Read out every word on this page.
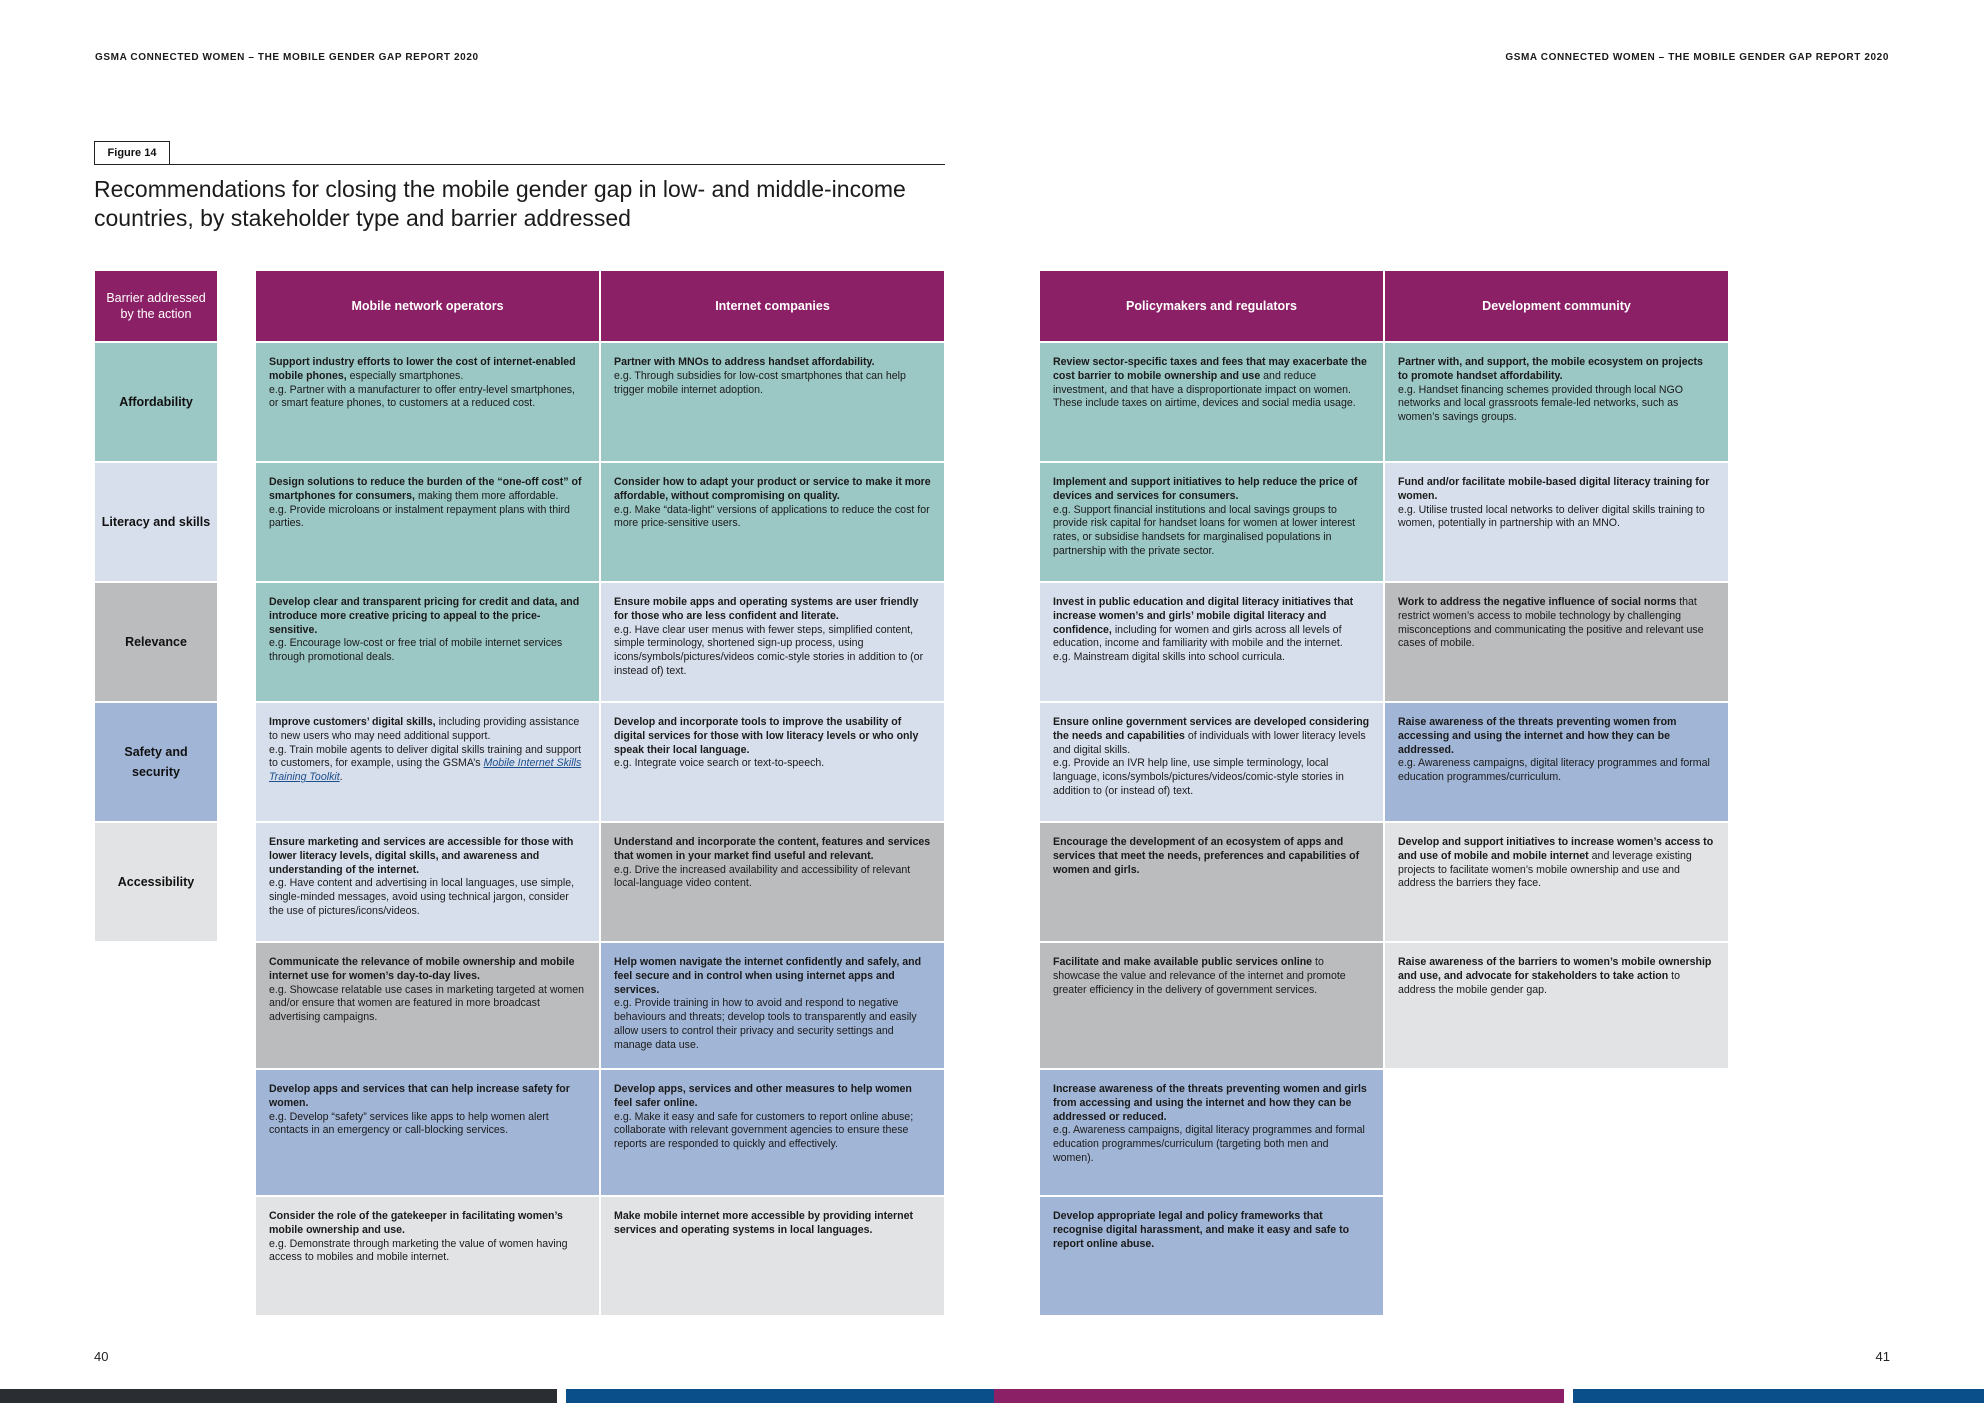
GSMA CONNECTED WOMEN – THE MOBILE GENDER GAP REPORT 2020	GSMA CONNECTED WOMEN – THE MOBILE GENDER GAP REPORT 2020
Figure 14
Recommendations for closing the mobile gender gap in low- and middle-income countries, by stakeholder type and barrier addressed
Barrier addressed by the action
Affordability
Literacy and skills
Relevance
Safety and security
Accessibility
Mobile network operators
Support industry efforts to lower the cost of internet-enabled mobile phones, especially smartphones.
e.g. Partner with a manufacturer to offer entry-level smartphones, or smart feature phones, to customers at a reduced cost.
Design solutions to reduce the burden of the “one-off cost” of smartphones for consumers, making them more affordable.
e.g. Provide microloans or instalment repayment plans with third parties.
Develop clear and transparent pricing for credit and data, and introduce more creative pricing to appeal to the price-sensitive.
e.g. Encourage low-cost or free trial of mobile internet services through promotional deals.
Improve customers’ digital skills, including providing assistance to new users who may need additional support.
e.g. Train mobile agents to deliver digital skills training and support to customers, for example, using the GSMA’s Mobile Internet Skills Training Toolkit.
Ensure marketing and services are accessible for those with lower literacy levels, digital skills, and awareness and understanding of the internet.
e.g. Have content and advertising in local languages, use simple, single-minded messages, avoid using technical jargon, consider the use of pictures/icons/videos.
Communicate the relevance of mobile ownership and mobile internet use for women’s day-to-day lives.
e.g. Showcase relatable use cases in marketing targeted at women and/or ensure that women are featured in more broadcast advertising campaigns.
Develop apps and services that can help increase safety for women.
e.g. Develop “safety” services like apps to help women alert contacts in an emergency or call-blocking services.
Consider the role of the gatekeeper in facilitating women’s mobile ownership and use.
e.g. Demonstrate through marketing the value of women having access to mobiles and mobile internet.
Internet companies
Partner with MNOs to address handset affordability.
e.g. Through subsidies for low-cost smartphones that can help trigger mobile internet adoption.
Consider how to adapt your product or service to make it more affordable, without compromising on quality.
e.g. Make “data-light” versions of applications to reduce the cost for more price-sensitive users.
Ensure mobile apps and operating systems are user friendly for those who are less confident and literate.
e.g. Have clear user menus with fewer steps, simplified content, simple terminology, shortened sign-up process, using icons/symbols/pictures/videos comic-style stories in addition to (or instead of) text.
Develop and incorporate tools to improve the usability of digital services for those with low literacy levels or who only speak their local language.
e.g. Integrate voice search or text-to-speech.
Understand and incorporate the content, features and services that women in your market find useful and relevant.
e.g. Drive the increased availability and accessibility of relevant local-language video content.
Help women navigate the internet confidently and safely, and feel secure and in control when using internet apps and services.
e.g. Provide training in how to avoid and respond to negative behaviours and threats; develop tools to transparently and easily allow users to control their privacy and security settings and manage data use.
Develop apps, services and other measures to help women feel safer online.
e.g. Make it easy and safe for customers to report online abuse; collaborate with relevant government agencies to ensure these reports are responded to quickly and effectively.
Make mobile internet more accessible by providing internet services and operating systems in local languages.
Policymakers and regulators
Review sector-specific taxes and fees that may exacerbate the cost barrier to mobile ownership and use and reduce investment, and that have a disproportionate impact on women. These include taxes on airtime, devices and social media usage.
Implement and support initiatives to help reduce the price of devices and services for consumers.
e.g. Support financial institutions and local savings groups to provide risk capital for handset loans for women at lower interest rates, or subsidise handsets for marginalised populations in partnership with the private sector.
Invest in public education and digital literacy initiatives that increase women’s and girls’ mobile digital literacy and confidence, including for women and girls across all levels of education, income and familiarity with mobile and the internet.
e.g. Mainstream digital skills into school curricula.
Ensure online government services are developed considering the needs and capabilities of individuals with lower literacy levels and digital skills.
e.g. Provide an IVR help line, use simple terminology, local language, icons/symbols/pictures/videos/comic-style stories in addition to (or instead of) text.
Encourage the development of an ecosystem of apps and services that meet the needs, preferences and capabilities of women and girls.
Facilitate and make available public services online to showcase the value and relevance of the internet and promote greater efficiency in the delivery of government services.
Increase awareness of the threats preventing women and girls from accessing and using the internet and how they can be addressed or reduced.
e.g. Awareness campaigns, digital literacy programmes and formal education programmes/curriculum (targeting both men and women).
Develop appropriate legal and policy frameworks that recognise digital harassment, and make it easy and safe to report online abuse.
Development community
Partner with, and support, the mobile ecosystem on projects to promote handset affordability.
e.g. Handset financing schemes provided through local NGO networks and local grassroots female-led networks, such as women’s savings groups.
Fund and/or facilitate mobile-based digital literacy training for women.
e.g. Utilise trusted local networks to deliver digital skills training to women, potentially in partnership with an MNO.
Work to address the negative influence of social norms that restrict women’s access to mobile technology by challenging misconceptions and communicating the positive and relevant use cases of mobile.
Raise awareness of the threats preventing women from accessing and using the internet and how they can be addressed.
e.g. Awareness campaigns, digital literacy programmes and formal education programmes/curriculum.
Develop and support initiatives to increase women’s access to and use of mobile and mobile internet and leverage existing projects to facilitate women’s mobile ownership and use and address the barriers they face.
Raise awareness of the barriers to women’s mobile ownership and use, and advocate for stakeholders to take action to address the mobile gender gap.
40	41
